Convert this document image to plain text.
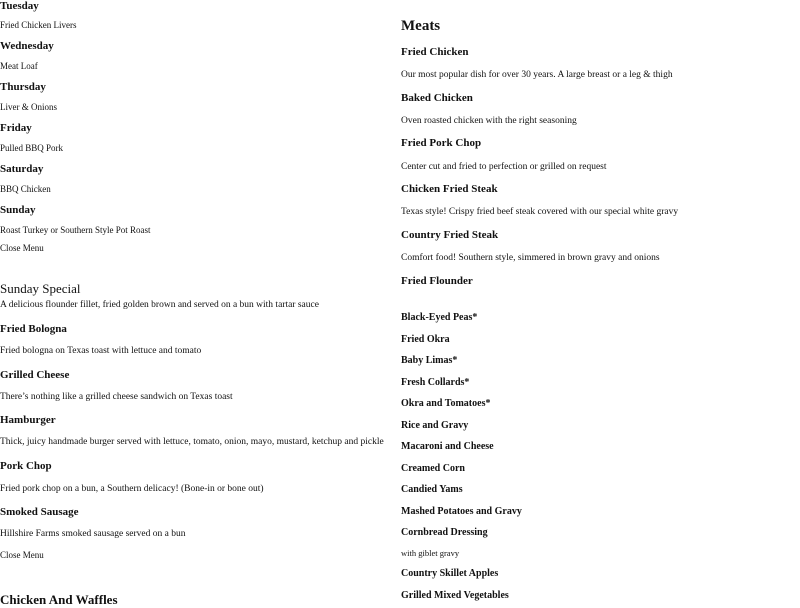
Tuesday
Fried Chicken Livers
Wednesday
Meat Loaf
Thursday
Liver & Onions
Friday
Pulled BBQ Pork
Saturday
BBQ Chicken
Sunday
Roast Turkey or Southern Style Pot Roast
Close Menu
Sunday Special
A delicious flounder fillet, fried golden brown and served on a bun with tartar sauce
Fried Bologna
Fried bologna on Texas toast with lettuce and tomato
Grilled Cheese
There’s nothing like a grilled cheese sandwich on Texas toast
Hamburger
Thick, juicy handmade burger served with lettuce, tomato, onion, mayo, mustard, ketchup and pickle
Pork Chop
Fried pork chop on a bun, a Southern delicacy! (Bone-in or bone out)
Smoked Sausage
Hillshire Farms smoked sausage served on a bun
Close Menu
Chicken And Waffles
Meats
Fried Chicken
Our most popular dish for over 30 years. A large breast or a leg & thigh
Baked Chicken
Oven roasted chicken with the right seasoning
Fried Pork Chop
Center cut and fried to perfection or grilled on request
Chicken Fried Steak
Texas style! Crispy fried beef steak covered with our special white gravy
Country Fried Steak
Comfort food! Southern style, simmered in brown gravy and onions
Fried Flounder
Black-Eyed Peas*
Fried Okra
Baby Limas*
Fresh Collards*
Okra and Tomatoes*
Rice and Gravy
Macaroni and Cheese
Creamed Corn
Candied Yams
Mashed Potatoes and Gravy
Cornbread Dressing
with giblet gravy
Country Skillet Apples
Grilled Mixed Vegetables
